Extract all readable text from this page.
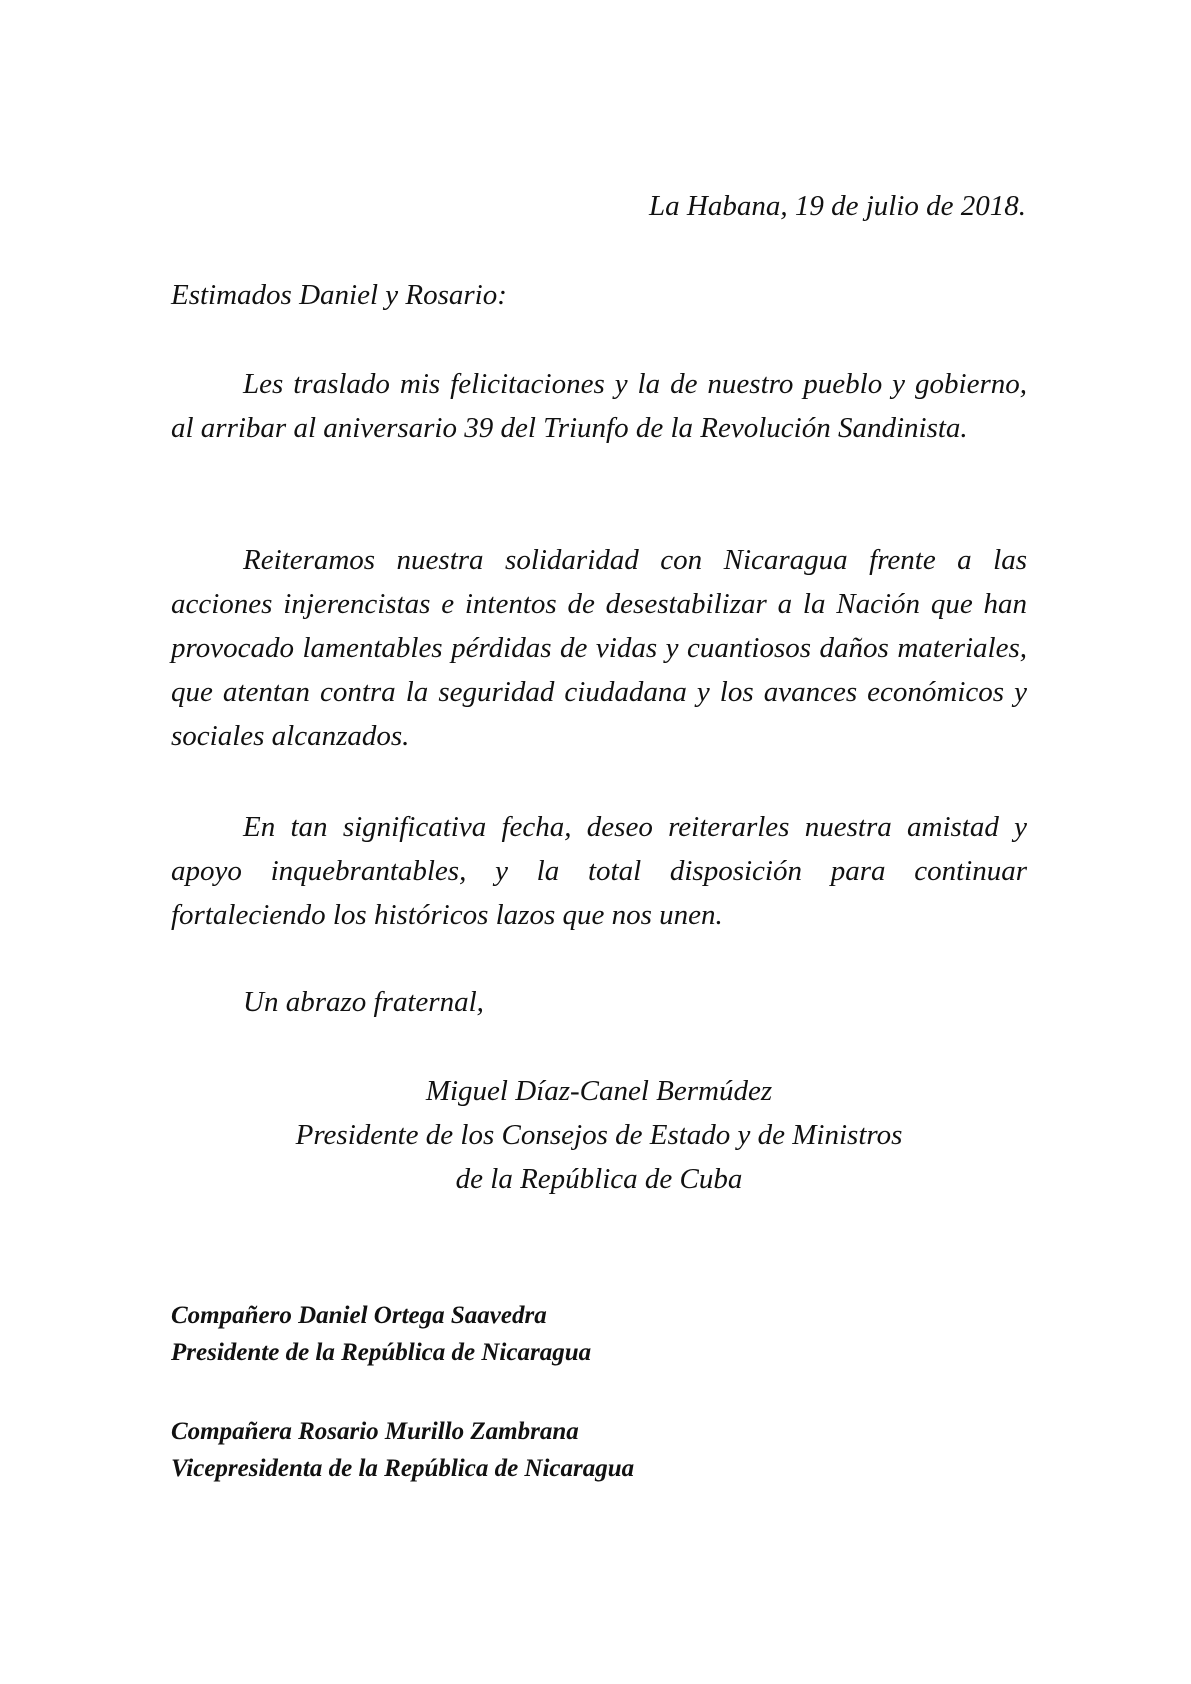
La Habana, 19 de julio de 2018.
Estimados Daniel y Rosario:

Les traslado mis felicitaciones y la de nuestro pueblo y gobierno, al arribar al aniversario 39 del Triunfo de la Revolución Sandinista.

Reiteramos nuestra solidaridad con Nicaragua frente a las acciones injerencistas e intentos de desestabilizar a la Nación que han provocado lamentables pérdidas de vidas y cuantiosos daños materiales, que atentan contra la seguridad ciudadana y los avances económicos y sociales alcanzados.

En tan significativa fecha, deseo reiterarles nuestra amistad y apoyo inquebrantables, y la total disposición para continuar fortaleciendo los históricos lazos que nos unen.

Un abrazo fraternal,
Miguel Díaz-Canel Bermúdez
Presidente de los Consejos de Estado y de Ministros
de la República de Cuba
Compañero Daniel Ortega Saavedra
Presidente de la República de Nicaragua
Compañera Rosario Murillo Zambrana
Vicepresidenta de la República de Nicaragua
